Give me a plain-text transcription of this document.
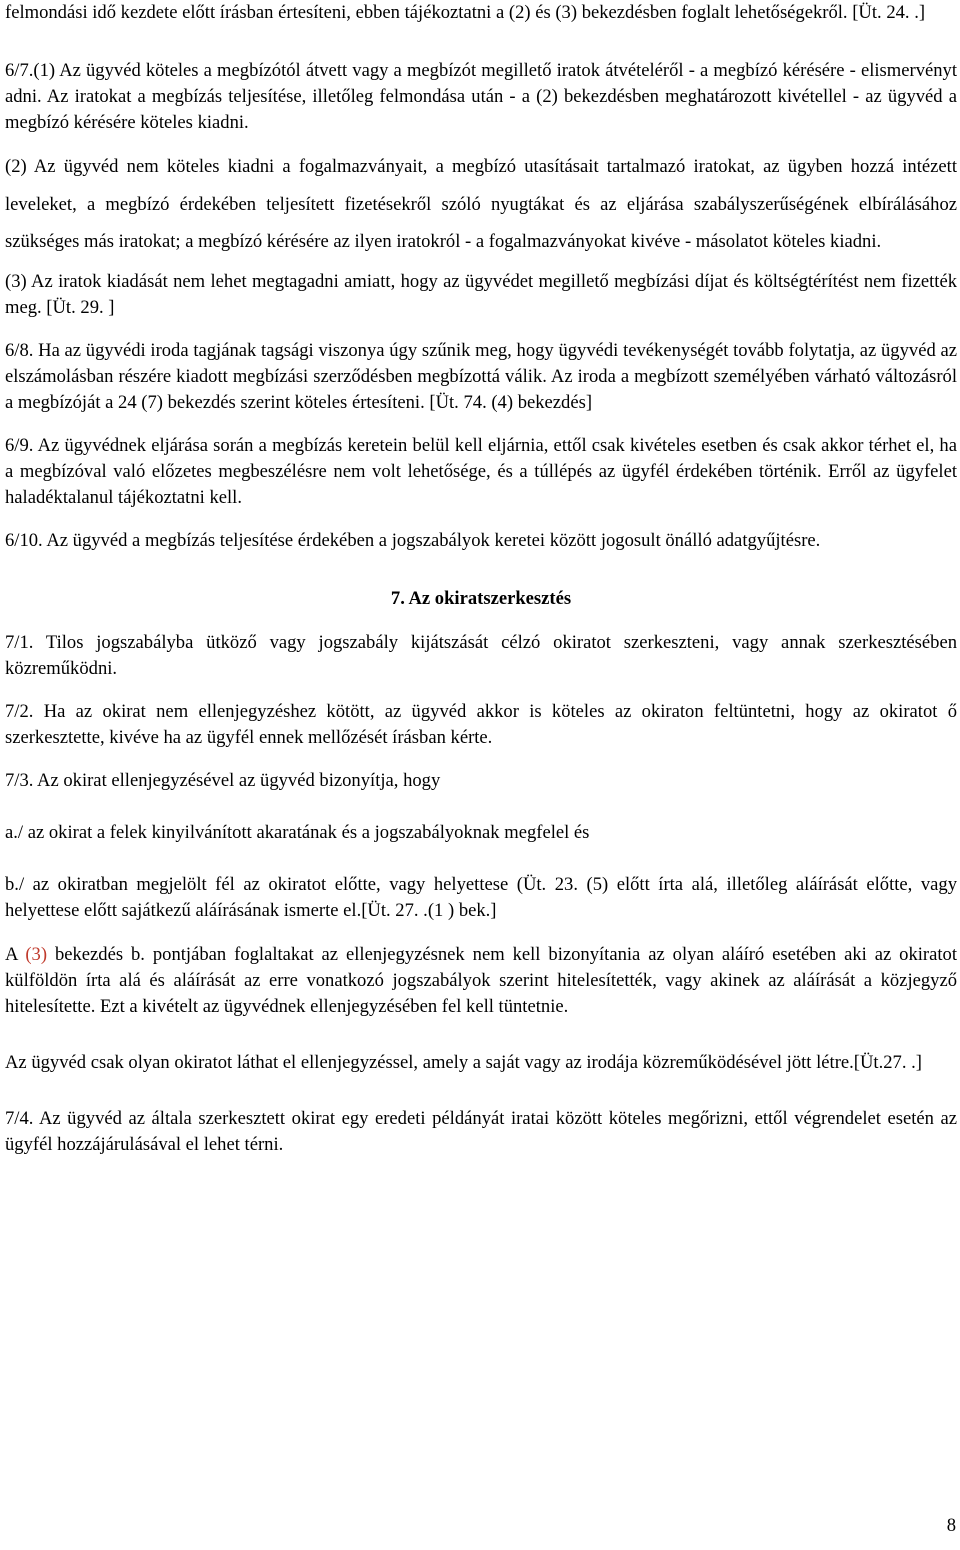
felmondási idő kezdete előtt írásban értesíteni, ebben tájékoztatni a (2) és (3) bekezdésben foglalt lehetőségekről. [Üt. 24. .]

6/7.(1) Az ügyvéd köteles a megbízótól átvett vagy a megbízót megillető iratok átvételéről - a megbízó kérésére - elismervényt adni. Az iratokat a megbízás teljesítése, illetőleg felmondása után - a (2) bekezdésben meghatározott kivétellel - az ügyvéd a megbízó kérésére köteles kiadni.

(2) Az ügyvéd nem köteles kiadni a fogalmazványait, a megbízó utasításait tartalmazó iratokat, az ügyben hozzá intézett leveleket, a megbízó érdekében teljesített fizetésekről szóló nyugtákat és az eljárása szabályszerűségének elbírálásához szükséges más iratokat; a megbízó kérésére az ilyen iratokról - a fogalmazványokat kivéve - másolatot köteles kiadni.

(3) Az iratok kiadását nem lehet megtagadni amiatt, hogy az ügyvédet megillető megbízási díjat és költségtérítést nem fizették meg. [Üt. 29. ]

6/8. Ha az ügyvédi iroda tagjának tagsági viszonya úgy szűnik meg, hogy ügyvédi tevékenységét tovább folytatja, az ügyvéd az elszámolásban részére kiadott megbízási szerződésben megbízottá válik. Az iroda a megbízott személyében várható változásról a megbízóját a 24 (7) bekezdés szerint köteles értesíteni. [Üt. 74. (4) bekezdés]

6/9. Az ügyvédnek eljárása során a megbízás keretein belül kell eljárnia, ettől csak kivételes esetben és csak akkor térhet el, ha a megbízóval való előzetes megbeszélésre nem volt lehetősége, és a túllépés az ügyfél érdekében történik. Erről az ügyfelet haladéktalanul tájékoztatni kell.

6/10. Az ügyvéd a megbízás teljesítése érdekében a jogszabályok keretei között jogosult önálló adatgyűjtésre.

7. Az okiratszerkesztés

7/1. Tilos jogszabályba ütköző vagy jogszabály kijátszását célzó okiratot szerkeszteni, vagy annak szerkesztésében közreműködni.

7/2. Ha az okirat nem ellenjegyzéshez kötött, az ügyvéd akkor is köteles az okiraton feltüntetni, hogy az okiratot ő szerkesztette, kivéve ha az ügyfél ennek mellőzését írásban kérte.

7/3. Az okirat ellenjegyzésével az ügyvéd bizonyítja, hogy

a./ az okirat a felek kinyilvánított akaratának és a jogszabályoknak megfelel és

b./ az okiratban megjelölt fél az okiratot előtte, vagy helyettese (Üt. 23. (5) előtt írta alá, illetőleg aláírását előtte, vagy helyettese előtt sajátkezű aláírásának ismerte el.[Üt. 27. .(1 ) bek.]

A (3) bekezdés b. pontjában foglaltakat az ellenjegyzésnek nem kell bizonyítania az olyan aláíró esetében aki az okiratot külföldön írta alá és aláírását az erre vonatkozó jogszabályok szerint hitelesítették, vagy akinek az aláírását a közjegyző hitelesítette. Ezt a kivételt az ügyvédnek ellenjegyzésében fel kell tüntetnie.

Az ügyvéd csak olyan okiratot láthat el ellenjegyzéssel, amely a saját vagy az irodája közreműködésével jött létre.[Üt.27. .]

7/4. Az ügyvéd az általa szerkesztett okirat egy eredeti példányát iratai között köteles megőrizni, ettől végrendelet esetén az ügyfél hozzájárulásával el lehet térni.

8
